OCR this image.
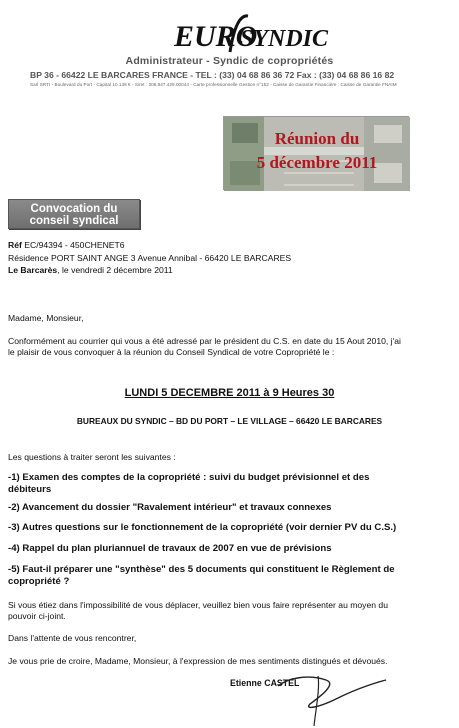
EURO
SYNDIC
Administrateur - Syndic de copropriétés
BP 36 - 66422 LE BARCARES FRANCE - TEL : (33) 04 68 86 36 72 Fax : (33) 04 68 86 16 82
Sarl SRTI - Boulevard du Port - Capital 10.138 € - Siret : 306.947.429.00044 - Carte professionnelle Gestion n°152 - Caisse de Garantie Financière : Caisse de Garantie FNAIM
Réunion du
5 décembre 2011
Convocation du
conseil syndical
Réf EC/94394 - 450CHENET6
Résidence PORT SAINT ANGE 3 Avenue Annibal - 66420 LE BARCARES
Le Barcarès, le vendredi 2 décembre 2011
Madame, Monsieur,
Conformément au courrier qui vous a été adressé par le président du C.S. en date du 15 Aout 2010, j'ai
le plaisir de vous convoquer à la réunion du Conseil Syndical de votre Copropriété le :
LUNDI 5 DECEMBRE 2011 à 9 Heures 30
BUREAUX DU SYNDIC – BD DU PORT – LE VILLAGE – 66420 LE BARCARES
Les questions à traiter seront les suivantes :
-1) Examen des comptes de la copropriété : suivi du budget prévisionnel et des
débiteurs
-2) Avancement du dossier "Ravalement intérieur" et travaux connexes
-3) Autres questions sur le fonctionnement de la copropriété (voir dernier PV du C.S.)
-4) Rappel du plan pluriannuel de travaux de 2007 en vue de prévisions
-5) Faut-il préparer une "synthèse" des 5 documents qui constituent le Règlement de
copropriété ?
Si vous étiez dans l'impossibilité de vous déplacer, veuillez bien vous faire représenter au moyen du
pouvoir ci-joint.
Dans l'attente de vous rencontrer,
Je vous prie de croire, Madame, Monsieur, à l'expression de mes sentiments distingués et dévoués.
Etienne CASTEL
